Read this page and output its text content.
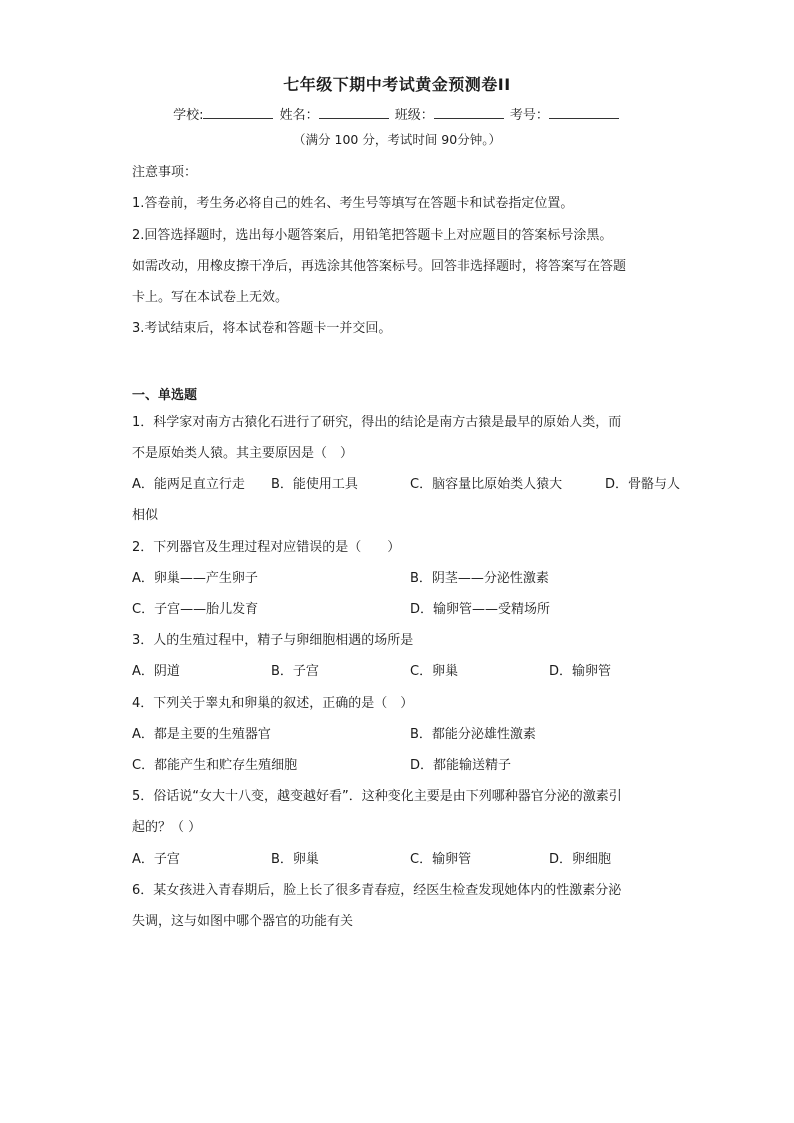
七年级下期中考试黄金预测卷II
学校:	姓名：	班级：	考号：
（满分 100 分，考试时间 90分钟。）
注意事项：
1.答卷前，考生务必将自己的姓名、考生号等填写在答题卡和试卷指定位置。
2.回答选择题时，选出每小题答案后，用铅笔把答题卡上对应题目的答案标号涂黑。
如需改动，用橡皮擦干净后，再选涂其他答案标号。回答非选择题时，将答案写在答题
卡上。写在本试卷上无效。
3.考试结束后，将本试卷和答题卡一并交回。
一、单选题
1．科学家对南方古猿化石进行了研究，得出的结论是南方古猿是最早的原始人类，而
不是原始类人猿。其主要原因是（　）
A．能两足直立行走 B．能使用工具	C．脑容量比原始类人猿大	D．骨骼与人
相似
2．下列器官及生理过程对应错误的是（　　）
A．卵巢——产生卵子	B．阴茎——分泌性激素
C．子宫——胎儿发育	D．输卵管——受精场所
3．人的生殖过程中，精子与卵细胞相遇的场所是
A．阴道	B．子宫	C．卵巢	D．输卵管
4．下列关于睾丸和卵巢的叙述，正确的是（　）
A．都是主要的生殖器官	B．都能分泌雄性激素
C．都能产生和贮存生殖细胞	D．都能输送精子
5．俗话说“女大十八变，越变越好看”．这种变化主要是由下列哪种器官分泌的激素引
起的？（ ）
A．子宫	B．卵巢	C．输卵管	D．卵细胞
6．某女孩进入青春期后，脸上长了很多青春痘，经医生检查发现她体内的性激素分泌
失调，这与如图中哪个器官的功能有关
